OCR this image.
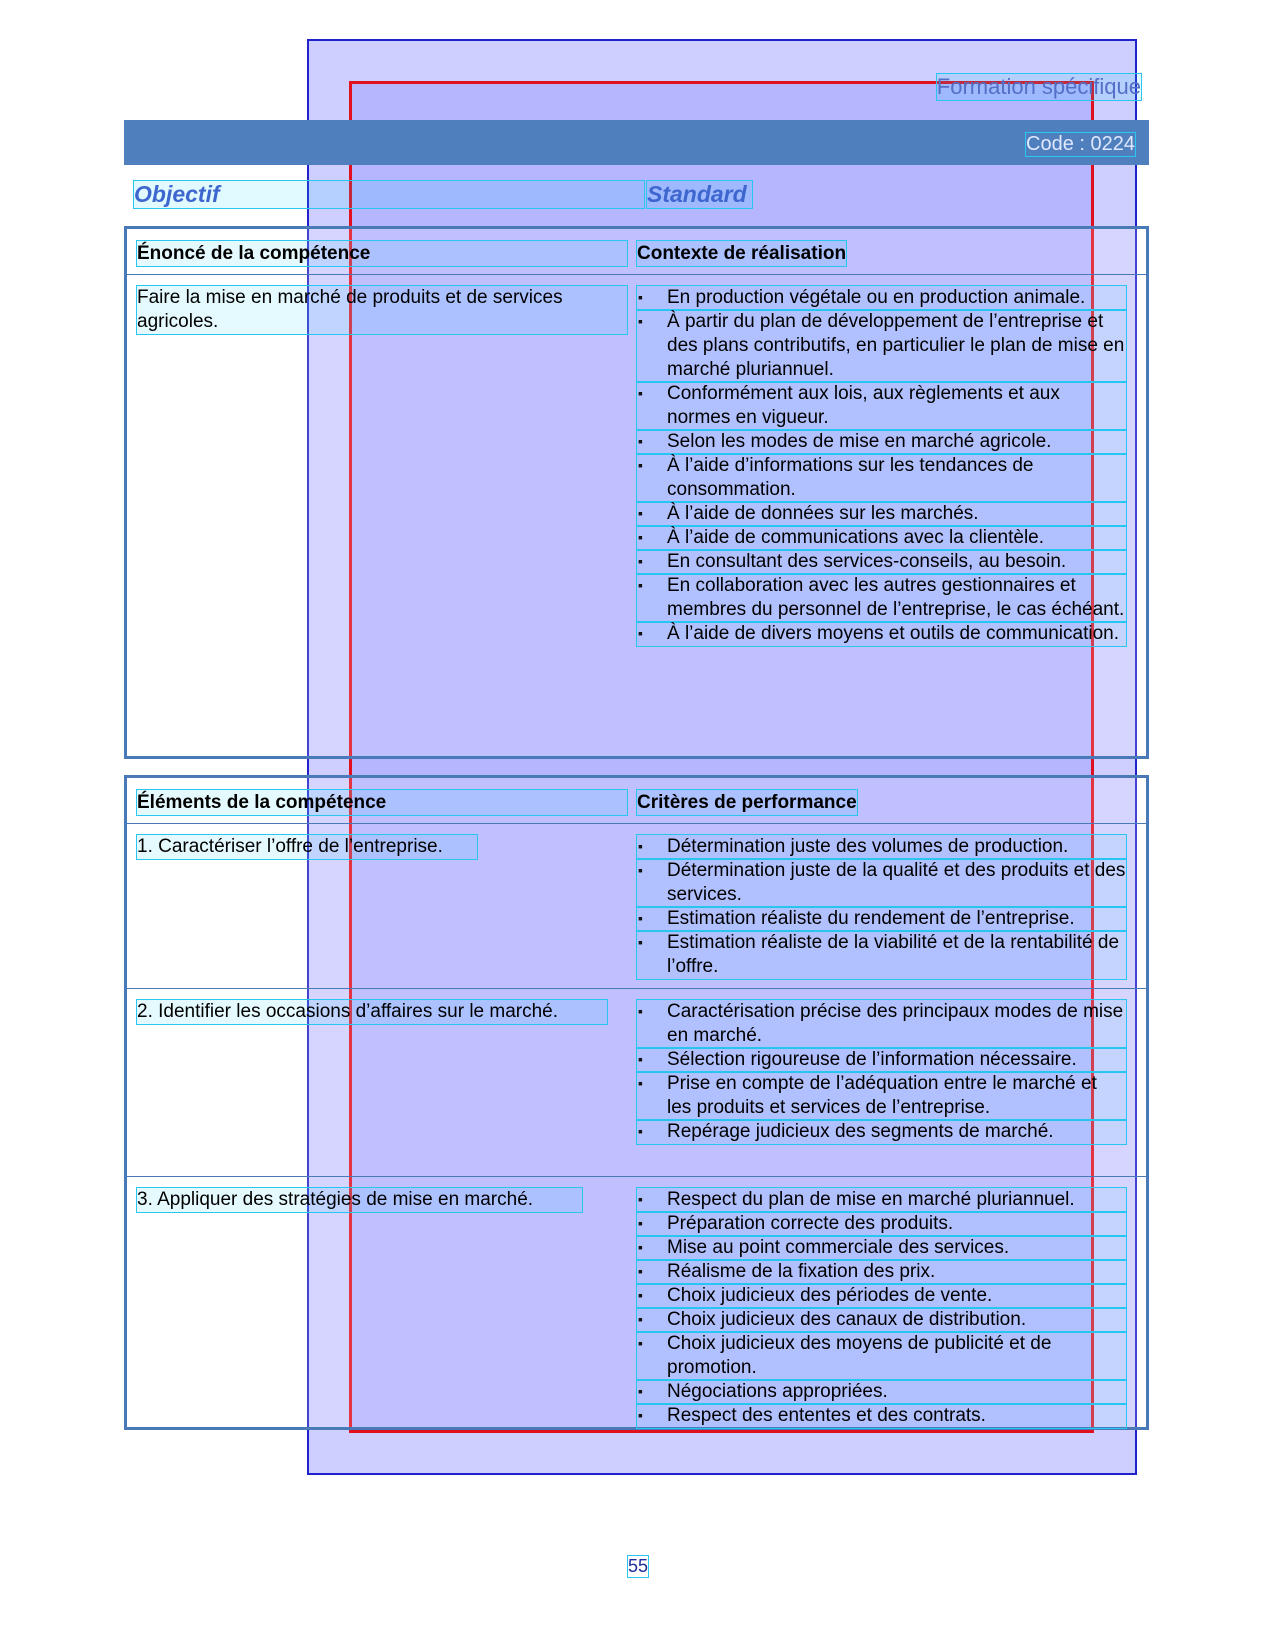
Formation spécifique
Code : 0224
Objectif	Standard
Énoncé de la compétence	Contexte de réalisation
Faire la mise en marché de produits et de services agricoles.
▪	En production végétale ou en production animale.
▪	À partir du plan de développement de l’entreprise et des plans contributifs, en particulier le plan de mise en marché pluriannuel.
▪	Conformément aux lois, aux règlements et aux normes en vigueur.
▪	Selon les modes de mise en marché agricole.
▪	À l’aide d’informations sur les tendances de consommation.
▪	À l’aide de données sur les marchés.
▪	À l’aide de communications avec la clientèle.
▪	En consultant des services-conseils, au besoin.
▪	En collaboration avec les autres gestionnaires et membres du personnel de l’entreprise, le cas échéant.
▪	À l’aide de divers moyens et outils de communication.
Éléments de la compétence	Critères de performance
1. Caractériser l’offre de l’entreprise.	▪	Détermination juste des volumes de production.
▪	Détermination juste de la qualité et des produits et des services.
▪	Estimation réaliste du rendement de l’entreprise.
▪	Estimation réaliste de la viabilité et de la rentabilité de l’offre.
2. Identifier les occasions d’affaires sur le marché.	▪	Caractérisation précise des principaux modes de mise en marché.
▪	Sélection rigoureuse de l’information nécessaire.
▪	Prise en compte de l’adéquation entre le marché et les produits et services de l’entreprise.
▪	Repérage judicieux des segments de marché.
3. Appliquer des stratégies de mise en marché.	▪	Respect du plan de mise en marché pluriannuel.
▪	Préparation correcte des produits.
▪	Mise au point commerciale des services.
▪	Réalisme de la fixation des prix.
▪	Choix judicieux des périodes de vente.
▪	Choix judicieux des canaux de distribution.
▪	Choix judicieux des moyens de publicité et de promotion.
▪	Négociations appropriées.
▪	Respect des ententes et des contrats.
55
